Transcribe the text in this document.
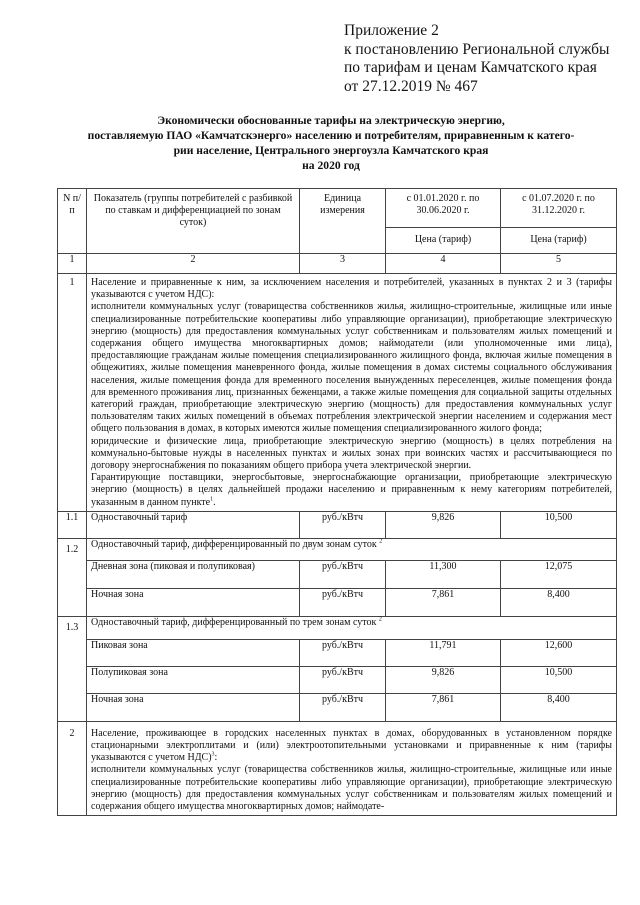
Приложение 2
к постановлению Региональной службы
по тарифам и ценам Камчатского края
от 27.12.2019 № 467
Экономически обоснованные тарифы на электрическую энергию,
поставляемую ПАО «Камчатскэнерго» населению и потребителям, приравненным к катего-
рии население, Центрального энергоузла Камчатского края
на 2020 год
N п/п	Показатель (группы потребителей с разбивкой по ставкам и дифференциацией по зонам суток)	Единица измерения	с 01.01.2020 г. по 30.06.2020 г.	с 01.07.2020 г. по 31.12.2020 г.
			Цена (тариф)	Цена (тариф)
1	2	3	4	5
1	Население и приравненные к ним, за исключением населения и потребителей, указанных в пунктах 2 и 3 (тарифы указываются с учетом НДС):

исполнители коммунальных услуг (товарищества собственников жилья, жилищно-строительные, жилищные или иные специализированные потребительские кооперативы либо управляющие организации), приобретающие электрическую энергию (мощность) для предоставления коммунальных услуг собственникам и пользователям жилых помещений и содержания общего имущества многоквартирных домов; наймодатели (или уполномоченные ими лица), предоставляющие гражданам жилые помещения специализированного жилищного фонда, включая жилые помещения в общежитиях, жилые помещения маневренного фонда, жилые помещения в домах системы социального обслуживания населения, жилые помещения фонда для временного поселения вынужденных переселенцев, жилые помещения фонда для временного проживания лиц, признанных беженцами, а также жилые помещения для социальной защиты отдельных категорий граждан, приобретающие электрическую энергию (мощность) для предоставления коммунальных услуг пользователям таких жилых помещений в объемах потребления электрической энергии населением и содержания мест общего пользования в домах, в которых имеются жилые помещения специализированного жилого фонда;

юридические и физические лица, приобретающие электрическую энергию (мощность) в целях потребления на коммунально-бытовые нужды в населенных пунктах и жилых зонах при воинских частях и рассчитывающиеся по договору энергоснабжения по показаниям общего прибора учета электрической энергии.

Гарантирующие поставщики, энергосбытовые, энергоснабжающие организации, приобретающие электрическую энергию (мощность) в целях дальнейшей продажи населению и приравненным к нему категориям потребителей, указанным в данном пункте$^1$.			

1.1	Одноставочный тариф	руб./кВтч	9,826	10,500
1.2	Одноставочный тариф, дифференцированный по двум зонам суток $^2$
	Дневная зона (пиковая и полупиковая)	руб./кВтч	11,300	12,075
	Ночная зона	руб./кВтч	7,861	8,400
1.3	Одноставочный тариф, дифференцированный по трем зонам суток $^2$
	Пиковая зона	руб./кВтч	11,791	12,600
	Полупиковая зона	руб./кВтч	9,826	10,500
	Ночная зона	руб./кВтч	7,861	8,400
2	Население, проживающее в городских населенных пунктах в домах, оборудованных в установленном порядке стационарными электроплитами и (или) электроотопительными установками и приравненные к ним (тарифы указываются с учетом НДС)$^3$:

исполнители коммунальных услуг (товарищества собственников жилья, жилищно-строительные, жилищные или иные специализированные потребительские кооперативы либо управляющие организации), приобретающие электрическую энергию (мощность) для предоставления коммунальных услуг собственникам и пользователям жилых помещений и содержания общего имущества многоквартирных домов; наймодате-			
